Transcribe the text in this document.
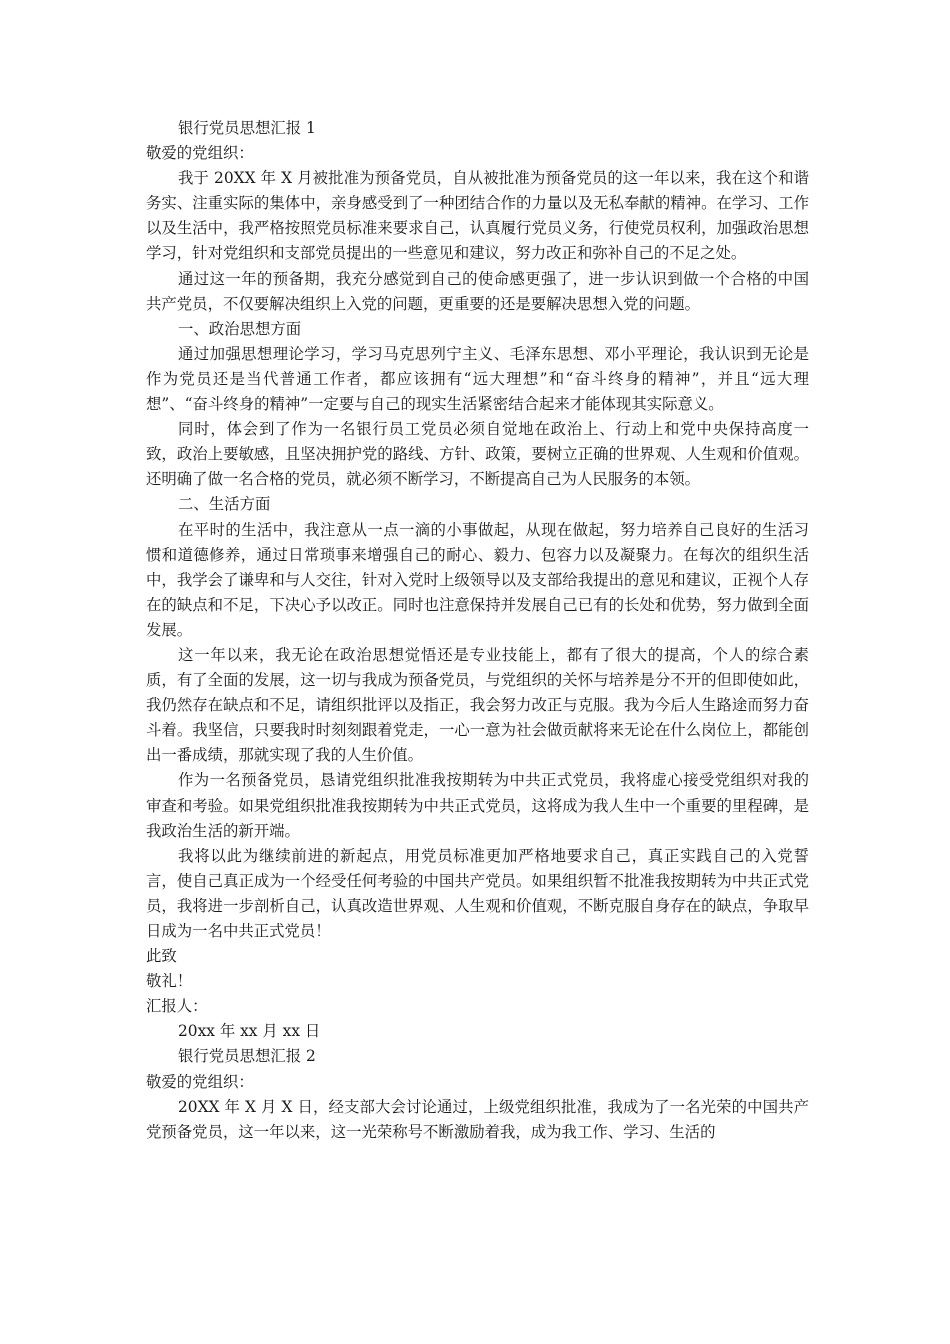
银行党员思想汇报 1
敬爱的党组织：

我于 20XX 年 X 月被批准为预备党员，自从被批准为预备党员的这一年以来，我在这个和谐务实、注重实际的集体中，亲身感受到了一种团结合作的力量以及无私奉献的精神。在学习、工作以及生活中，我严格按照党员标准来要求自己，认真履行党员义务，行使党员权利，加强政治思想学习，针对党组织和支部党员提出的一些意见和建议，努力改正和弥补自己的不足之处。

通过这一年的预备期，我充分感觉到自己的使命感更强了，进一步认识到做一个合格的中国共产党员，不仅要解决组织上入党的问题，更重要的还是要解决思想入党的问题。

一、政治思想方面

通过加强思想理论学习，学习马克思列宁主义、毛泽东思想、邓小平理论，我认识到无论是作为党员还是当代普通工作者，都应该拥有“远大理想”和“奋斗终身的精神”，并且“远大理想”、“奋斗终身的精神”一定要与自己的现实生活紧密结合起来才能体现其实际意义。

同时，体会到了作为一名银行员工党员必须自觉地在政治上、行动上和党中央保持高度一致，政治上要敏感，且坚决拥护党的路线、方针、政策，要树立正确的世界观、人生观和价值观。还明确了做一名合格的党员，就必须不断学习，不断提高自己为人民服务的本领。

二、生活方面

在平时的生活中，我注意从一点一滴的小事做起，从现在做起，努力培养自己良好的生活习惯和道德修养，通过日常琐事来增强自己的耐心、毅力、包容力以及凝聚力。在每次的组织生活中，我学会了谦卑和与人交往，针对入党时上级领导以及支部给我提出的意见和建议，正视个人存在的缺点和不足，下决心予以改正。同时也注意保持并发展自己已有的长处和优势，努力做到全面发展。

这一年以来，我无论在政治思想觉悟还是专业技能上，都有了很大的提高，个人的综合素质，有了全面的发展，这一切与我成为预备党员，与党组织的关怀与培养是分不开的但即使如此，我仍然存在缺点和不足，请组织批评以及指正，我会努力改正与克服。我为今后人生路途而努力奋斗着。我坚信，只要我时时刻刻跟着党走，一心一意为社会做贡献将来无论在什么岗位上，都能创出一番成绩，那就实现了我的人生价值。

作为一名预备党员，恳请党组织批准我按期转为中共正式党员，我将虚心接受党组织对我的审查和考验。如果党组织批准我按期转为中共正式党员，这将成为我人生中一个重要的里程碑，是我政治生活的新开端。

我将以此为继续前进的新起点，用党员标准更加严格地要求自己，真正实践自己的入党誓言，使自己真正成为一个经受任何考验的中国共产党员。如果组织暂不批准我按期转为中共正式党员，我将进一步剖析自己，认真改造世界观、人生观和价值观，不断克服自身存在的缺点，争取早日成为一名中共正式党员！

此致
敬礼！
汇报人：
20xx 年 xx 月 xx 日
银行党员思想汇报 2
敬爱的党组织：

20XX 年 X 月 X 日，经支部大会讨论通过，上级党组织批准，我成为了一名光荣的中国共产党预备党员，这一年以来，这一光荣称号不断激励着我，成为我工作、学习、生活的
